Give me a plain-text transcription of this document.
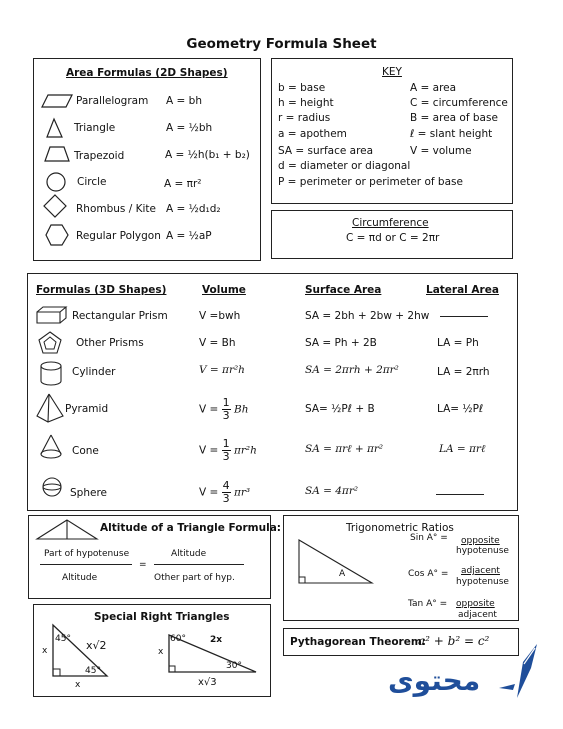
Geometry Formula Sheet
Area Formulas (2D Shapes)
Parallelogram A = bh
Triangle	A = ½bh
Trapezoid	A = ½h(b₁ + b₂)
Circle	A = πr²
Rhombus / Kite A = ½d₁d₂
Regular Polygon A = ½aP
KEY
b = base
h = height
r = radius
a = apothem
SA = surface area
d = diameter or diagonal
P = perimeter or perimeter of base
A = area
C = circumference
B = area of base
ℓ = slant height
V = volume
Circumference
C = πd or C = 2πr
Formulas (3D Shapes)	Volume	Surface Area	Lateral Area
Rectangular Prism	V =bwh	SA = 2bh + 2bw + 2hw
Other Prisms	V = Bh	SA = Ph + 2B	LA = Ph
Cylinder	V = πr²h	SA = 2πrh + 2πr²	LA = 2πrh
Pyramid	$V = \frac{1}{3}$ Bh	SA= ½Pℓ + B	LA= ½Pℓ
Cone	$V = \frac{1}{3} \pi r^2h$	SA = πrℓ + πr²	LA = πrℓ
Sphere	$V = \frac{4}{3} \pi r^3$	SA = 4πr²
Altitude of a Triangle Formula:
Part of hypotenuse
Altitude
=
Altitude
Other part of hyp.
Trigonometric Ratios
A
Sin A° = opposite
hypotenuse
Cos A° = adjacent
hypotenuse
Tan A° = opposite
adjacent
Special Right Triangles
45°
45°
x
x
x√2	60°
30°
x
2x
x√3
Pythagorean Theorem:
a² + b² = c²
محتوى
